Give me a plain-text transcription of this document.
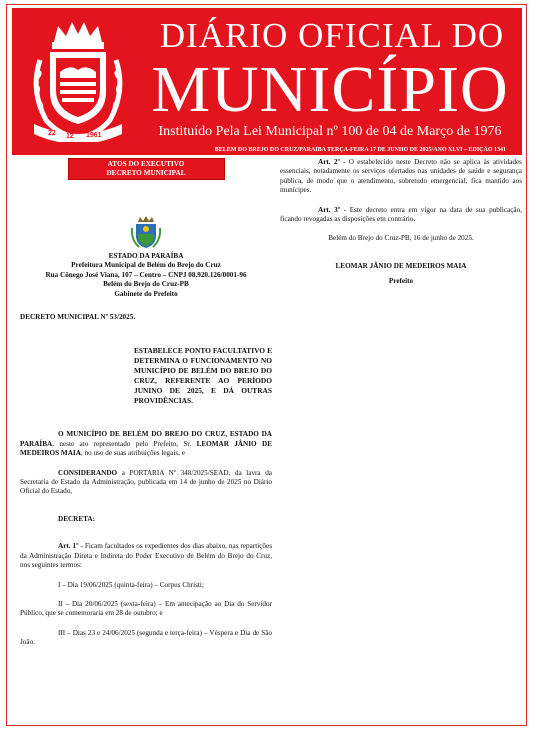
22 12 1961
DIÁRIO OFICIAL DO
MUNICÍPIO
Instituído Pela Lei Municipal nº 100 de 04 de Março de 1976
BELÉM DO BREJO DO CRUZ/PARAÍBA TERÇA-FEIRA 17 DE JUNHO DE 2025/ANO XLVI – EDIÇÃO 1341
ATOS DO EXECUTIVO
DECRETO MUNICIPAL

ESTADO DA PARAÍBA

Prefeitura Municipal de Belém do Brejo do Cruz

Rua Cônego José Viana, 107 – Centro – CNPJ 08.920.126/0001-96

Belém do Brejo do Cruz-PB

Gabinete do Prefeito

DECRETO MUNICIPAL Nº 53/2025.

ESTABELECE PONTO FACULTATIVO E DETERMINA O FUNCIONAMENTO NO MUNICÍPIO DE BELÉM DO BREJO DO CRUZ, REFERENTE AO PERÍODO JUNINO DE 2025, E DÁ OUTRAS PROVIDÊNCIAS.

O MUNICÍPIO DE BELÉM DO BREJO DO CRUZ, ESTADO DA PARAÍBA, neste ato representado pelo Prefeito, Sr. LEOMAR JÂNIO DE MEDEIROS MAIA, no uso de suas atribuições legais, e

CONSIDERANDO a PORTARIA Nº 348/2025/SEAD, da lavra da Secretaria de Estado da Administração, publicada em 14 de junho de 2025 no Diário Oficial do Estado,

DECRETA:

Art. 1º - Ficam facultados os expedientes dos dias abaixo, nas repartições da Administração Direta e Indireta do Poder Executivo de Belém do Brejo do Cruz, nos seguintes termos:

I – Dia 19/06/2025 (quinta-feira) – Corpus Christi;

II – Dia 20/06/2025 (sexta-feira) – Em antecipação ao Dia do Servidor Público, que se comemoraria em 28 de outubro; e

III – Dias 23 e 24/06/2025 (segunda e terça-feira) – Véspera e Dia de São João.

Art. 2º - O estabelecido neste Decreto não se aplica às atividades essenciais, notadamente os serviços ofertados nas unidades de saúde e segurança pública, de modo que o atendimento, sobretudo emergencial, fica mantido aos munícipes.

Art. 3º - Este decreto entra em vigor na data de sua publicação, ficando revogadas as disposições em contrário.

Belém do Brejo do Cruz-PB, 16 de junho de 2025.

LEOMAR JÂNIO DE MEDEIROS MAIA

Prefeito
